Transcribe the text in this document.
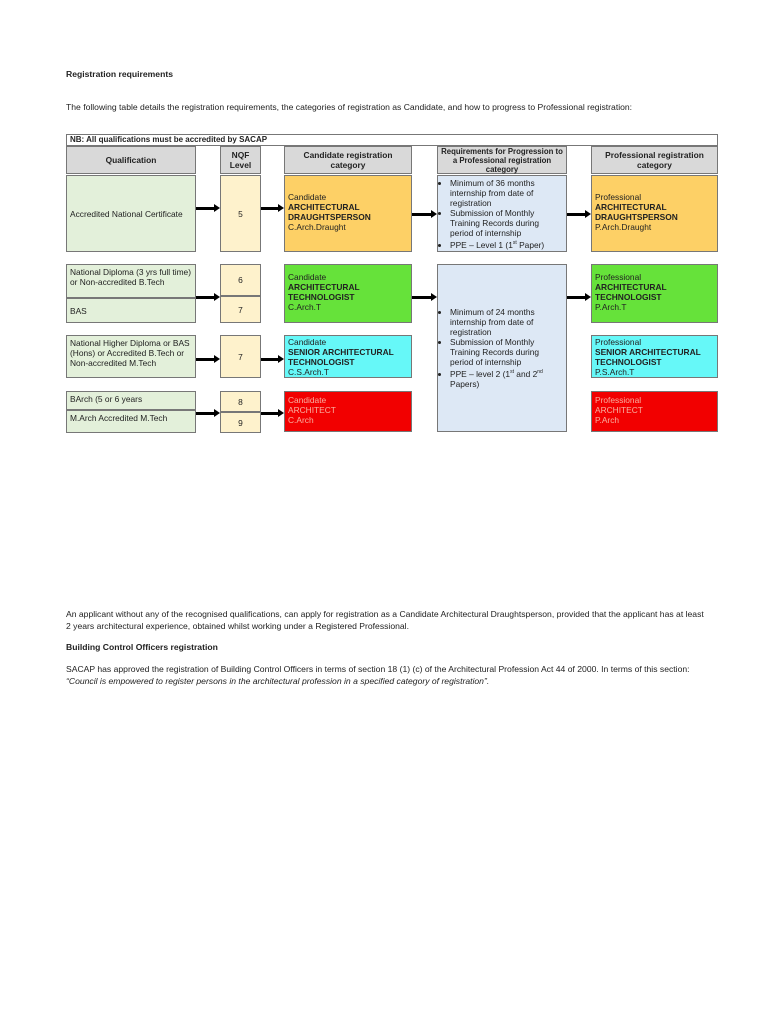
Registration requirements
The following table details the registration requirements, the categories of registration as Candidate, and how to progress to Professional registration:
NB: All qualifications must be accredited by SACAP
Qualification	NQF Level
Candidate registration category
Requirements for Progression to a Professional registration category
Professional registration category
Accredited National Certificate	5
Candidate
ARCHITECTURAL DRAUGHTSPERSON
C.Arch.Draught
• Minimum of 36 months internship from date of registration
• Submission of Monthly Training Records during period of internship
• PPE – Level 1 (1st Paper)
Professional
ARCHITECTURAL DRAUGHTSPERSON
P.Arch.Draught
National Diploma (3 yrs full time) or Non-accredited B.Tech
BAS
6
7
Candidate
ARCHITECTURAL TECHNOLOGIST
C.Arch.T
Professional
ARCHITECTURAL TECHNOLOGIST
P.Arch.T
• Minimum of 24 months internship from date of registration
• Submission of Monthly Training Records during period of internship
• PPE – level 2 (1st and 2nd Papers)
National Higher Diploma or BAS (Hons) or Accredited B.Tech or Non-accredited M.Tech
7
Candidate
SENIOR ARCHITECTURAL TECHNOLOGIST
C.S.Arch.T
Professional
SENIOR ARCHITECTURAL TECHNOLOGIST
P.S.Arch.T
BArch (5 or 6 years
M.Arch Accredited M.Tech
8
9
Candidate
ARCHITECT
C.Arch
Professional
ARCHITECT
P.Arch
An applicant without any of the recognised qualifications, can apply for registration as a Candidate Architectural Draughtsperson, provided that the applicant has at least 2 years architectural experience, obtained whilst working under a Registered Professional.
Building Control Officers registration
SACAP has approved the registration of Building Control Officers in terms of section 18 (1) (c) of the Architectural Profession Act 44 of 2000. In terms of this section: “Council is empowered to register persons in the architectural profession in a specified category of registration”.
